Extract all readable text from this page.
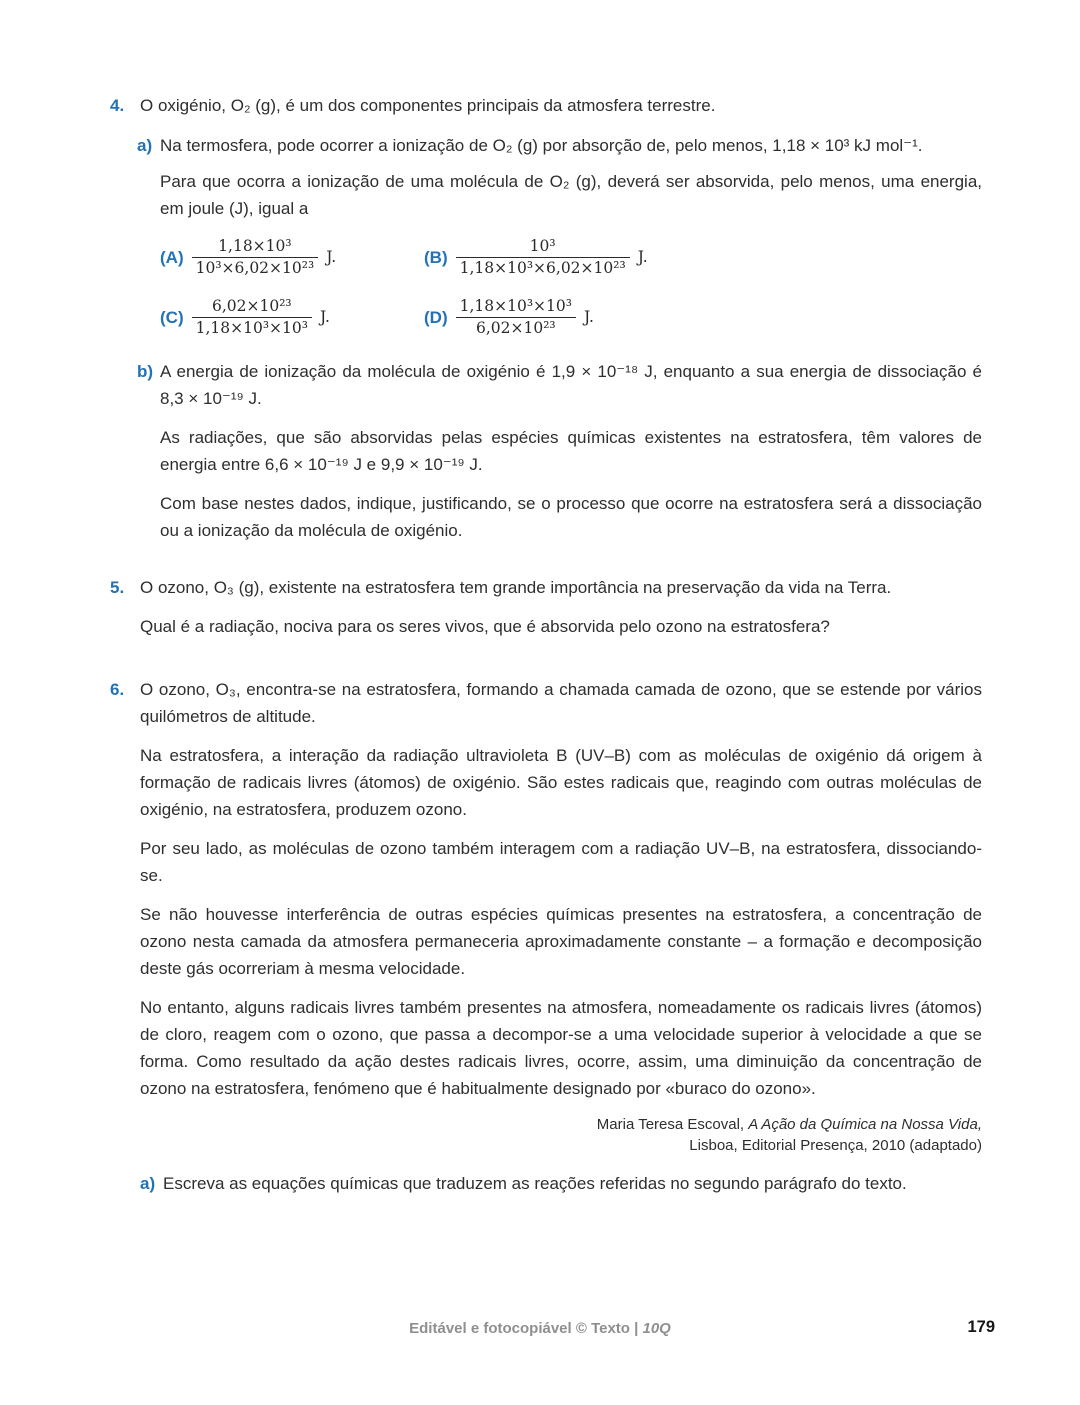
4. O oxigénio, O₂ (g), é um dos componentes principais da atmosfera terrestre.

a) Na termosfera, pode ocorrer a ionização de O₂ (g) por absorção de, pelo menos, 1,18 × 10³ kJ mol⁻¹.

Para que ocorra a ionização de uma molécula de O₂ (g), deverá ser absorvida, pelo menos, uma energia, em joule (J), igual a

$(A) \frac{\text{1,18×10³}}{\text{10³×6,02×10²³}} J$.	$(B) \frac{\text{10³}}{\text{1,18×10³×6,02×10²³}} J$.
$(C) \frac{\text{6,02×10²³}}{\text{1,18×10³×10³}} J$.	$(D) \frac{\text{1,18×10³×10³}}{\text{6,02×10²³}} J$.
b) A energia de ionização da molécula de oxigénio é 1,9 × 10⁻¹⁸ J, enquanto a sua energia de dissociação é 8,3 × 10⁻¹⁹ J.

As radiações, que são absorvidas pelas espécies químicas existentes na estratosfera, têm valores de energia entre 6,6 × 10⁻¹⁹ J e 9,9 × 10⁻¹⁹ J.

Com base nestes dados, indique, justificando, se o processo que ocorre na estratosfera será a dissociação ou a ionização da molécula de oxigénio.

5. O ozono, O₃ (g), existente na estratosfera tem grande importância na preservação da vida na Terra.

Qual é a radiação, nociva para os seres vivos, que é absorvida pelo ozono na estratosfera?

6. O ozono, O₃, encontra-se na estratosfera, formando a chamada camada de ozono, que se estende por vários quilómetros de altitude.

Na estratosfera, a interação da radiação ultravioleta B (UV–B) com as moléculas de oxigénio dá origem à formação de radicais livres (átomos) de oxigénio. São estes radicais que, reagindo com outras moléculas de oxigénio, na estratosfera, produzem ozono.

Por seu lado, as moléculas de ozono também interagem com a radiação UV–B, na estratosfera, dissociando-se.

Se não houvesse interferência de outras espécies químicas presentes na estratosfera, a concentração de ozono nesta camada da atmosfera permaneceria aproximadamente constante – a formação e decomposição deste gás ocorreriam à mesma velocidade.

No entanto, alguns radicais livres também presentes na atmosfera, nomeadamente os radicais livres (átomos) de cloro, reagem com o ozono, que passa a decompor-se a uma velocidade superior à velocidade a que se forma. Como resultado da ação destes radicais livres, ocorre, assim, uma diminuição da concentração de ozono na estratosfera, fenómeno que é habitualmente designado por «buraco do ozono».

Maria Teresa Escoval, A Ação da Química na Nossa Vida,
Lisboa, Editorial Presença, 2010 (adaptado)
a) Escreva as equações químicas que traduzem as reações referidas no segundo parágrafo do texto.

Editável e fotocopiável © Texto | 10Q	179
